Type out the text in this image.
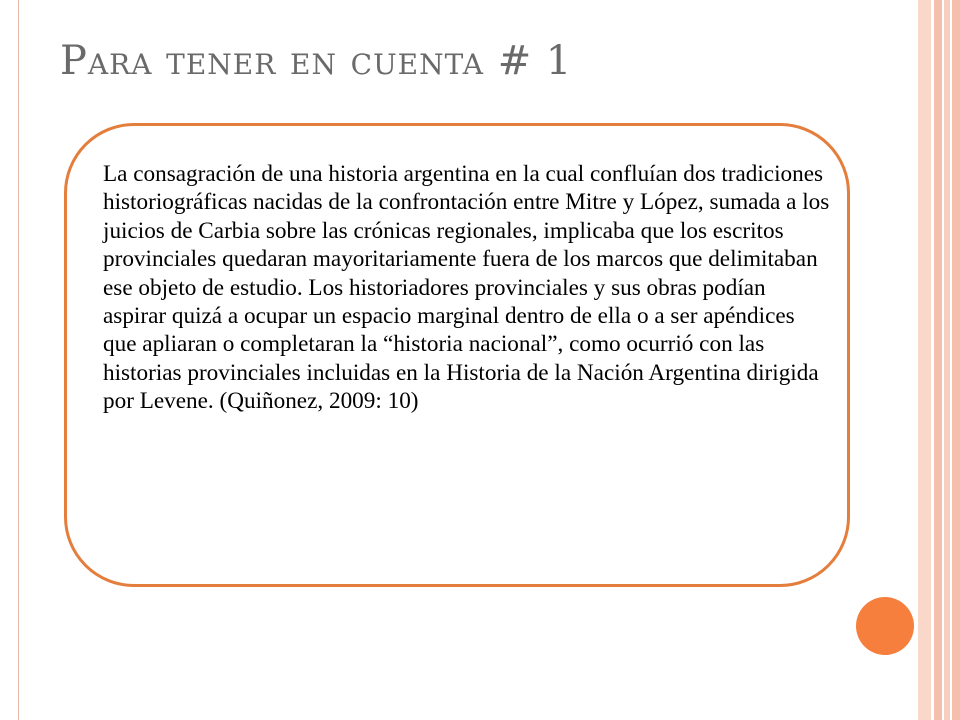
Para tener en cuenta # 1

La consagración de una historia argentina en la cual confluían dos tradiciones historiográficas nacidas de la confrontación entre Mitre y López, sumada a los juicios de Carbia sobre las crónicas regionales, implicaba que los escritos provinciales quedaran mayoritariamente fuera de los marcos que delimitaban ese objeto de estudio. Los historiadores provinciales y sus obras podían aspirar quizá a ocupar un espacio marginal dentro de ella o a ser apéndices que apliaran o completaran la “historia nacional”, como ocurrió con las historias provinciales incluidas en la Historia de la Nación Argentina dirigida por Levene. (Quiñonez, 2009: 10)
